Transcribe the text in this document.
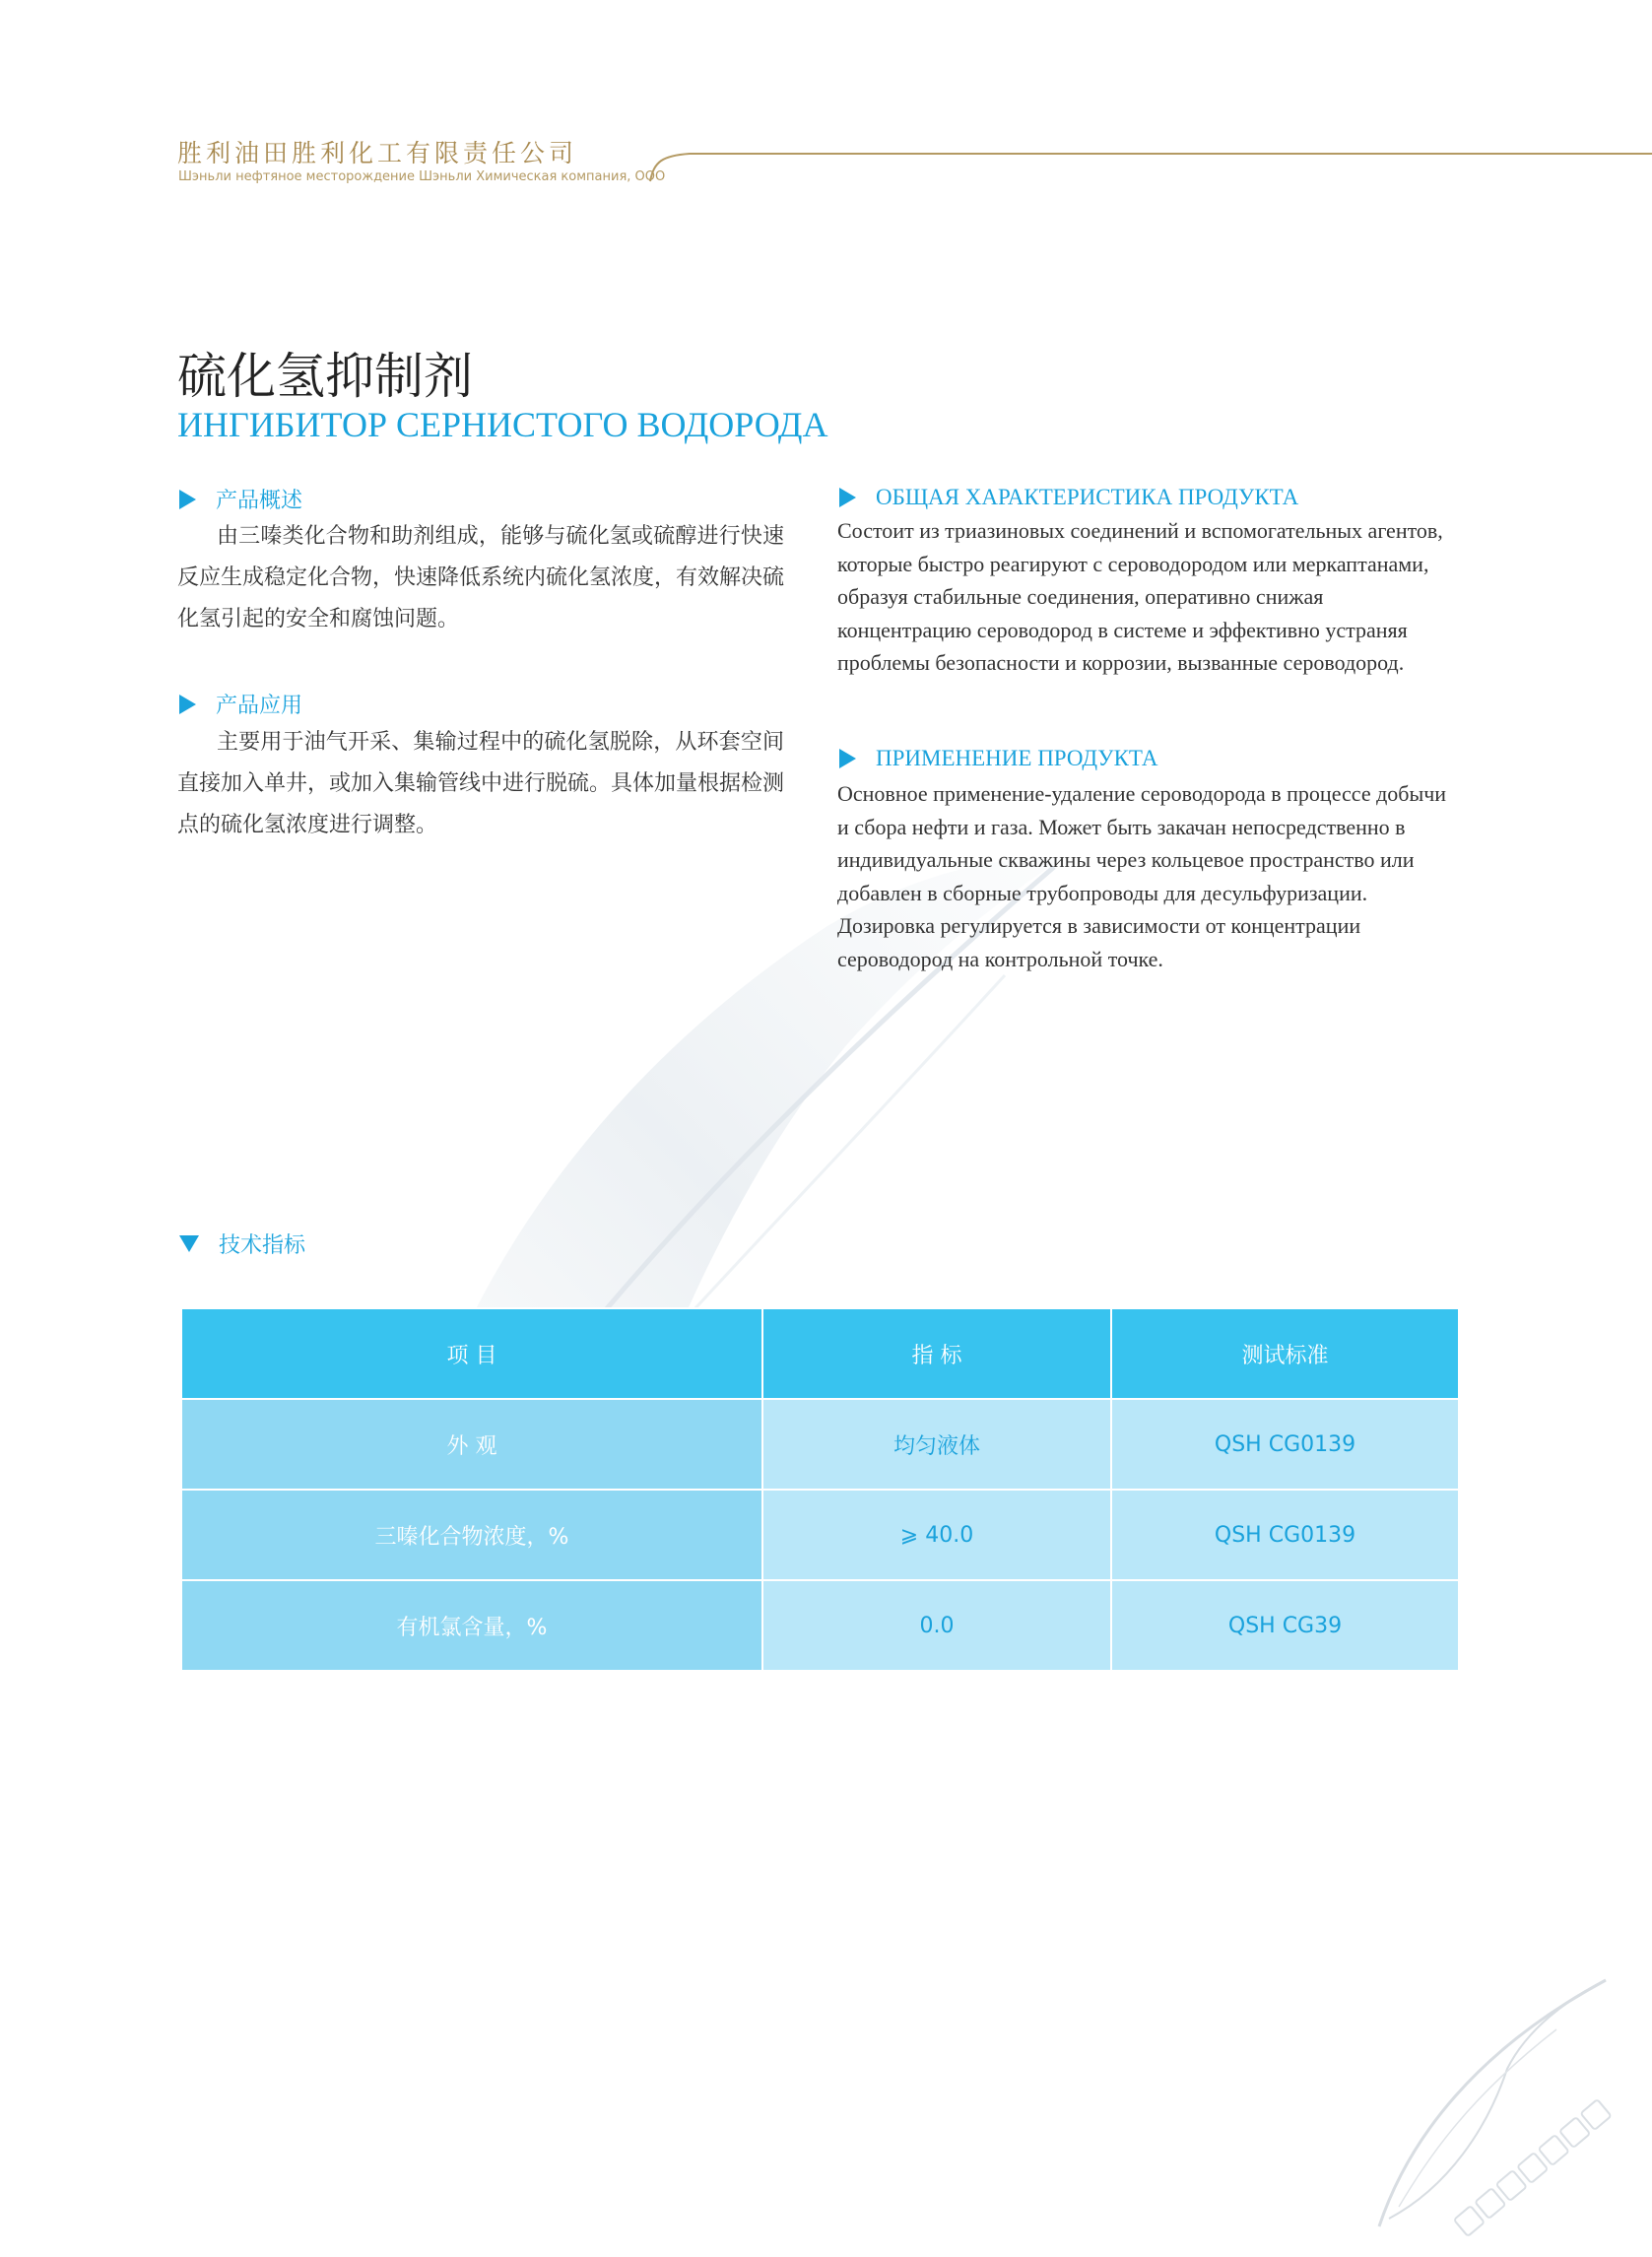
胜利油田胜利化工有限责任公司
Шэньли нефтяное месторождение Шэньли Химическая компания, ООО
硫化氢抑制剂
ИНГИБИТОР СЕРНИСТОГО ВОДОРОДА
产品概述

由三嗪类化合物和助剂组成，能够与硫化氢或硫醇进行快速反应生成稳定化合物，快速降低系统内硫化氢浓度，有效解决硫化氢引起的安全和腐蚀问题。

产品应用

主要用于油气开采、集输过程中的硫化氢脱除，从环套空间直接加入单井，或加入集输管线中进行脱硫。具体加量根据检测点的硫化氢浓度进行调整。

ОБЩАЯ ХАРАКТЕРИСТИКА ПРОДУКТА

Состоит из триазиновых соединений и вспомогательных агентов, которые быстро реагируют с сероводородом или меркаптанами, образуя стабильные соединения, оперативно снижая концентрацию сероводород в системе и эффективно устраняя проблемы безопасности и коррозии, вызванные сероводород.

ПРИМЕНЕНИЕ ПРОДУКТА

Основное применение-удаление сероводорода в процессе добычи и сбора нефти и газа. Может быть закачан непосредственно в индивидуальные скважины через кольцевое пространство или добавлен в сборные трубопроводы для десульфуризации. Дозировка регулируется в зависимости от концентрации сероводород на контрольной точке.

技术指标
项 目	指 标	测试标准
外 观	均匀液体	QSH CG0139
三嗪化合物浓度，%	⩾ 40.0	QSH CG0139
有机氯含量，%	0.0	QSH CG39
